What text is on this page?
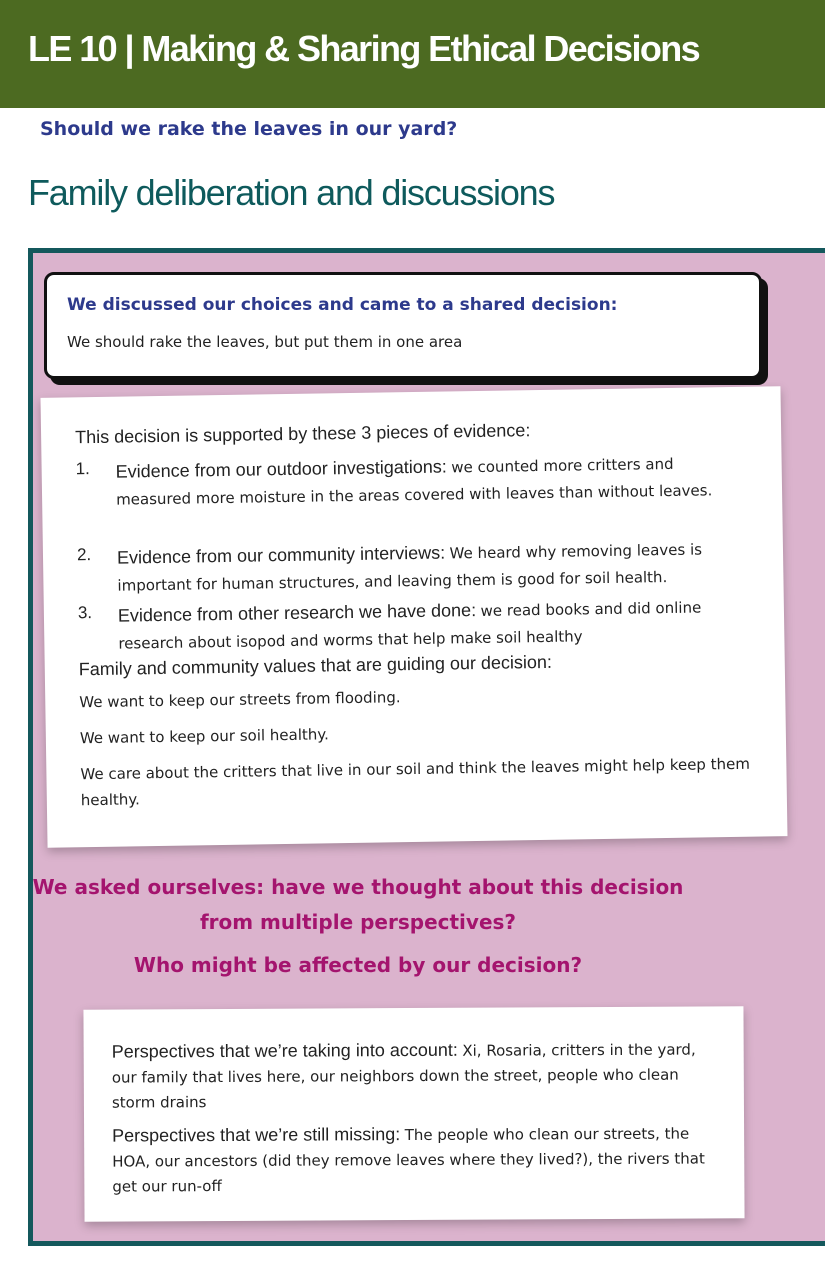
LE 10 | Making & Sharing Ethical Decisions
Should we rake the leaves in our yard?
Family deliberation and discussions
We discussed our choices and came to a shared decision:
We should rake the leaves, but put them in one area
This decision is supported by these 3 pieces of evidence:
1. Evidence from our outdoor investigations: we counted more critters and measured more moisture in the areas covered with leaves than without leaves.
2. Evidence from our community interviews: We heard why removing leaves is important for human structures, and leaving them is good for soil health.
3. Evidence from other research we have done: we read books and did online research about isopod and worms that help make soil healthy
Family and community values that are guiding our decision:
We want to keep our streets from flooding.
We want to keep our soil healthy.
We care about the critters that live in our soil and think the leaves might help keep them healthy.
We asked ourselves: have we thought about this decision from multiple perspectives?
Who might be affected by our decision?
Perspectives that we’re taking into account: Xi, Rosaria, critters in the yard, our family that lives here, our neighbors down the street, people who clean storm drains
Perspectives that we’re still missing: The people who clean our streets, the HOA, our ancestors (did they remove leaves where they lived?), the rivers that get our run-off
